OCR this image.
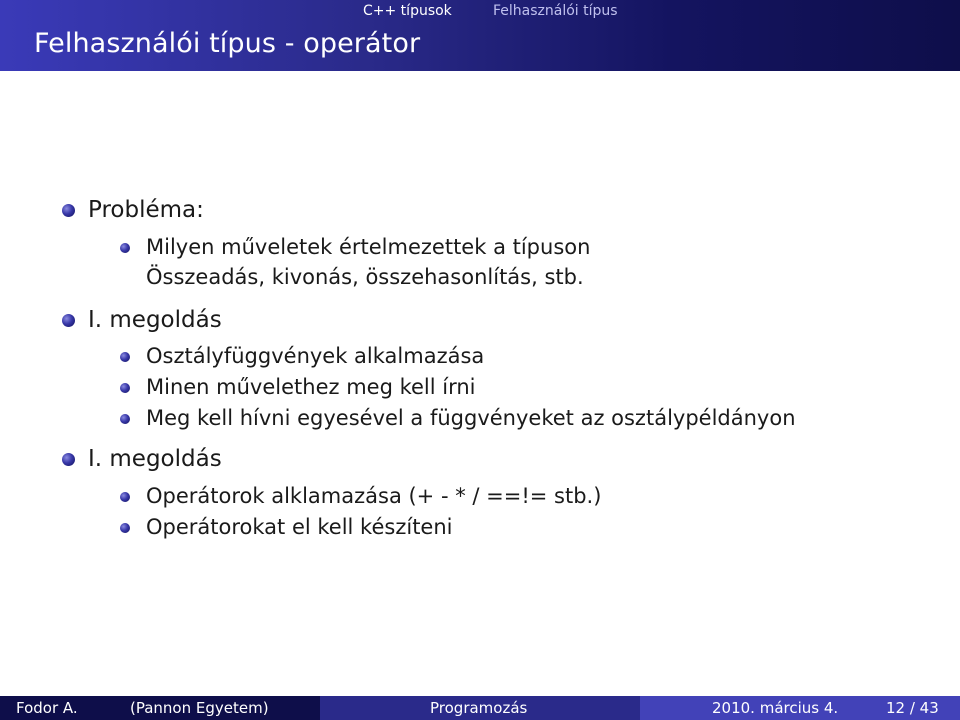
C++ típusok	Felhasználói típus
Felhasználói típus - operátor
Probléma:
Milyen műveletek értelmezettek a típuson
Összeadás, kivonás, összehasonlítás, stb.
I. megoldás
Osztályfüggvények alkalmazása
Minen művelethez meg kell írni
Meg kell hívni egyesével a függvényeket az osztálypéldányon
I. megoldás
Operátorok alklamazása (+ - * / ==!= stb.)
Operátorokat el kell készíteni
Fodor A.	(Pannon Egyetem)	Programozás	2010. március 4.	12 / 43
